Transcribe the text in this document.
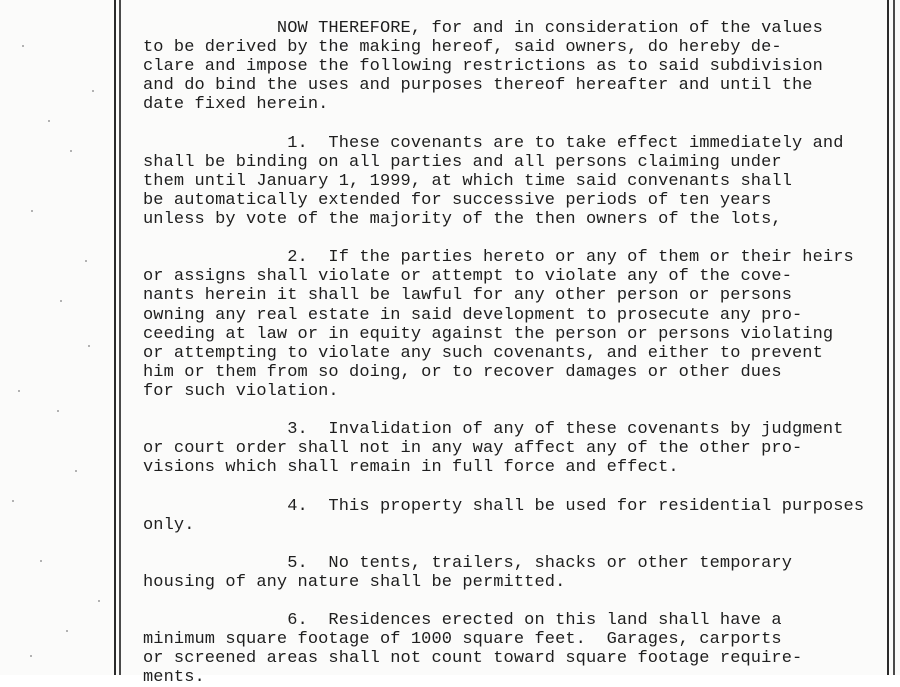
NOW THEREFORE, for and in consideration of the values
to be derived by the making hereof, said owners, do hereby de-
clare and impose the following restrictions as to said subdivision
and do bind the uses and purposes thereof hereafter and until the
date fixed herein.
1.  These covenants are to take effect immediately and
shall be binding on all parties and all persons claiming under
them until January 1, 1999, at which time said convenants shall
be automatically extended for successive periods of ten years
unless by vote of the majority of the then owners of the lots,
2.  If the parties hereto or any of them or their heirs
or assigns shall violate or attempt to violate any of the cove-
nants herein it shall be lawful for any other person or persons
owning any real estate in said development to prosecute any pro-
ceeding at law or in equity against the person or persons violating
or attempting to violate any such covenants, and either to prevent
him or them from so doing, or to recover damages or other dues
for such violation.
3.  Invalidation of any of these covenants by judgment
or court order shall not in any way affect any of the other pro-
visions which shall remain in full force and effect.
4.  This property shall be used for residential purposes
only.
5.  No tents, trailers, shacks or other temporary
housing of any nature shall be permitted.
6.  Residences erected on this land shall have a
minimum square footage of 1000 square feet.  Garages, carports
or screened areas shall not count toward square footage require-
ments.
